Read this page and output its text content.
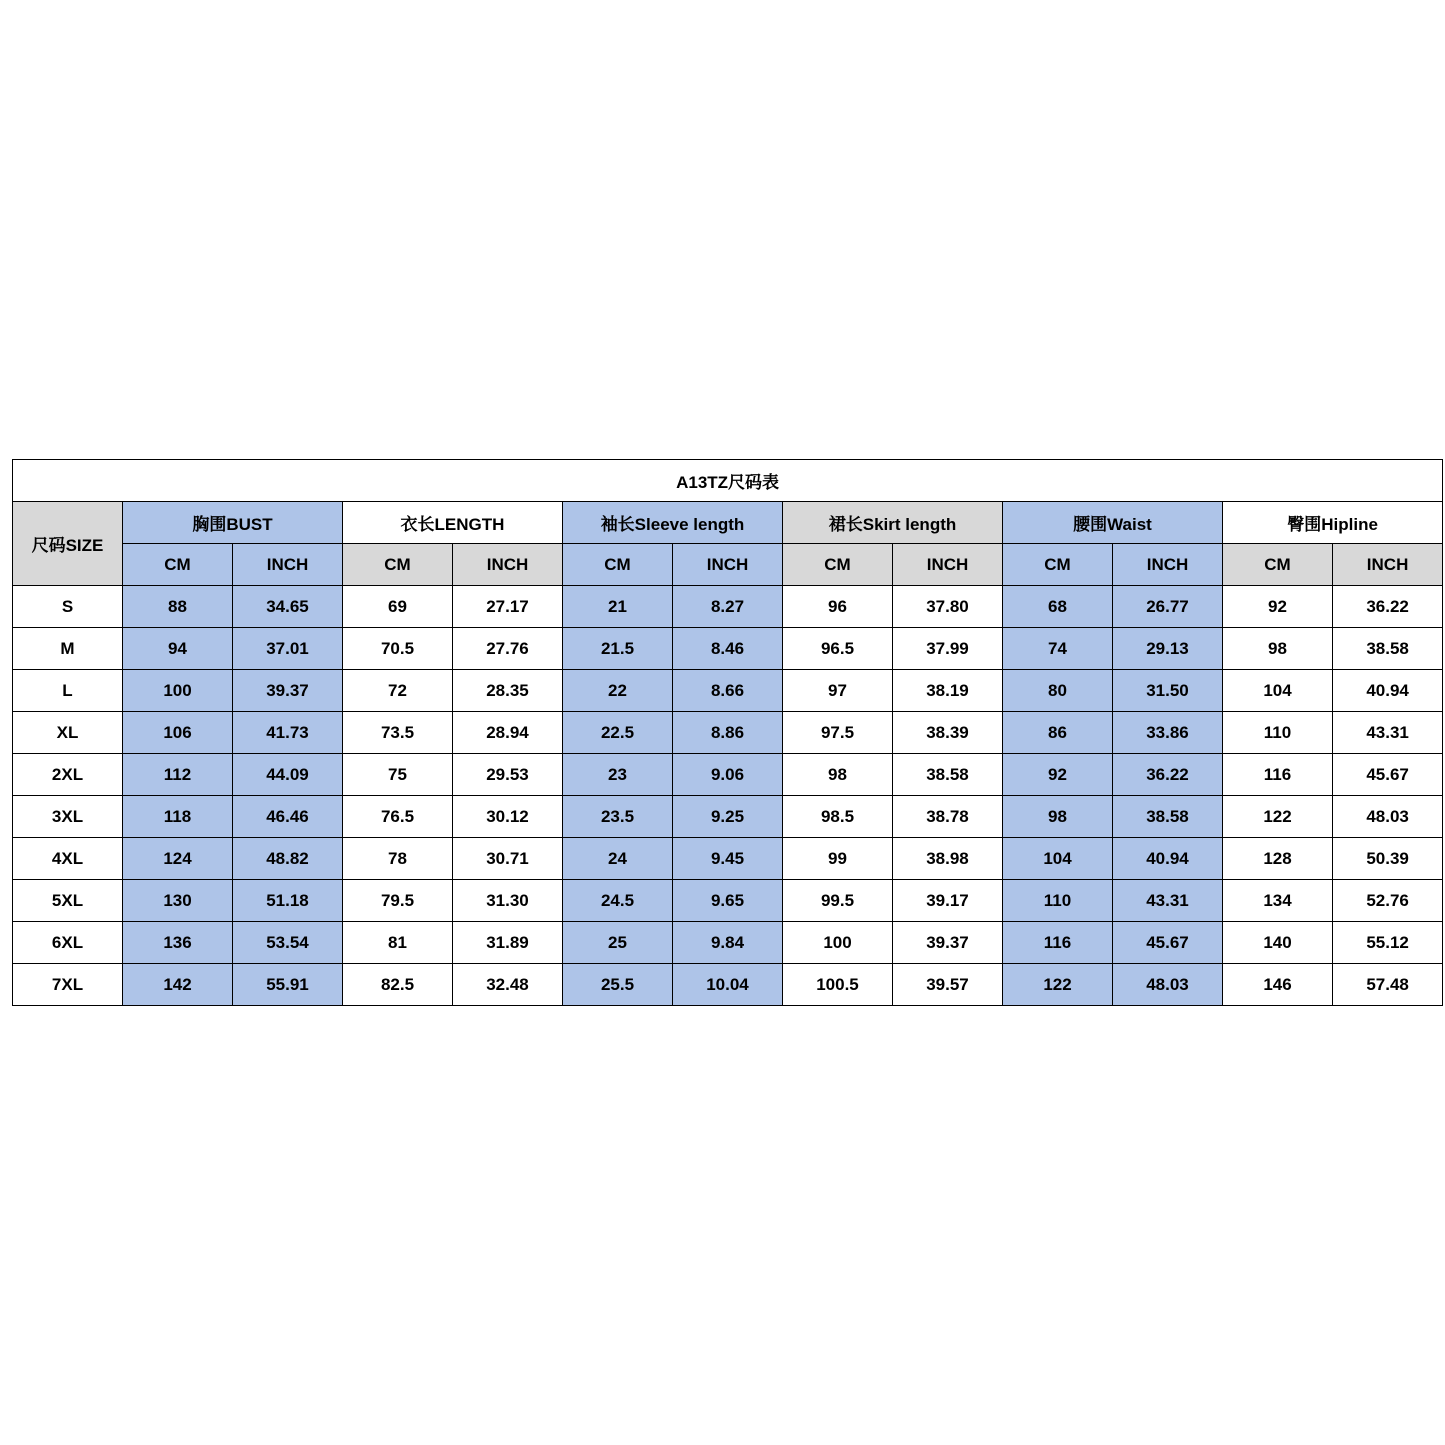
A13TZ尺码表												
尺码SIZE	胸围BUST		衣长LENGTH		袖长Sleeve length		裙长Skirt length		腰围Waist		臀围Hipline	
	CM	INCH	CM	INCH	CM	INCH	CM	INCH	CM	INCH	CM	INCH
S	88	34.65	69	27.17	21	8.27	96	37.80	68	26.77	92	36.22
M	94	37.01	70.5	27.76	21.5	8.46	96.5	37.99	74	29.13	98	38.58
L	100	39.37	72	28.35	22	8.66	97	38.19	80	31.50	104	40.94
XL	106	41.73	73.5	28.94	22.5	8.86	97.5	38.39	86	33.86	110	43.31
2XL	112	44.09	75	29.53	23	9.06	98	38.58	92	36.22	116	45.67
3XL	118	46.46	76.5	30.12	23.5	9.25	98.5	38.78	98	38.58	122	48.03
4XL	124	48.82	78	30.71	24	9.45	99	38.98	104	40.94	128	50.39
5XL	130	51.18	79.5	31.30	24.5	9.65	99.5	39.17	110	43.31	134	52.76
6XL	136	53.54	81	31.89	25	9.84	100	39.37	116	45.67	140	55.12
7XL	142	55.91	82.5	32.48	25.5	10.04	100.5	39.57	122	48.03	146	57.48
